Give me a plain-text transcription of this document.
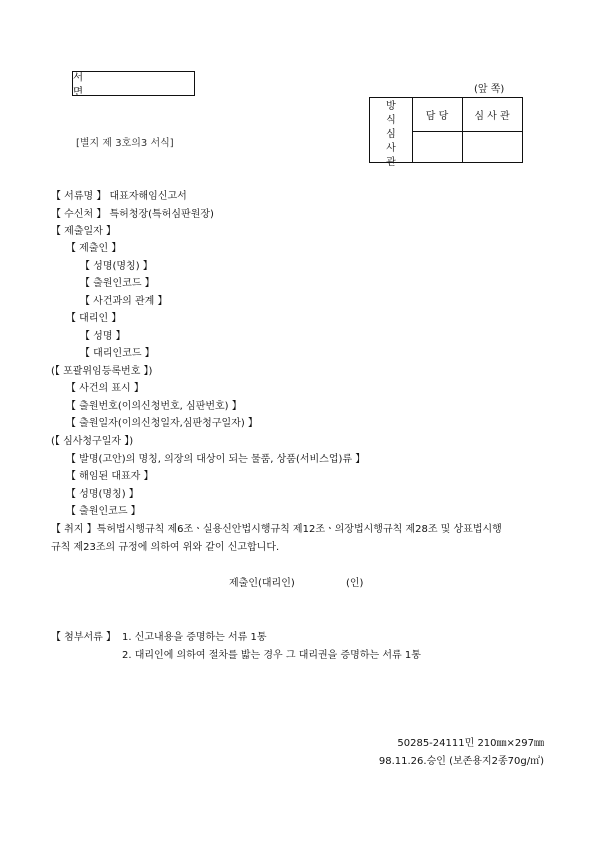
서　　면	(앞 쪽)
방
식
심
사
관
담 당	심 사 관
[별지 제 3호의3 서식]
【 서류명 】 대표자해임신고서
【 수신처 】 특허청장(특허심판원장)
【 제출일자 】
【 제출인 】
【 성명(명칭) 】
【 출원인코드 】
【 사건과의 관계 】
【 대리인 】
【 성명 】
【 대리인코드 】
(【 포괄위임등록번호 】)
【 사건의 표시 】
【 출원번호(이의신청번호, 심판번호) 】
【 출원일자(이의신청일자,심판청구일자) 】
(【 심사청구일자 】)
【 발명(고안)의 명칭, 의장의 대상이 되는 물품, 상품(서비스업)류 】
【 해임된 대표자 】
【 성명(명칭) 】
【 출원인코드 】
【 취지 】특허법시행규칙 제6조ㆍ실용신안법시행규칙 제12조ㆍ의장법시행규칙 제28조 및 상표법시행
규칙 제23조의 규정에 의하여 위와 같이 신고합니다.
제출인(대리인)	(인)
【 첨부서류 】 1. 신고내용을 증명하는 서류 1통
2. 대리인에 의하여 절차를 밟는 경우 그 대리권을 증명하는 서류 1통
50285-24111민 210㎜×297㎜
98.11.26.승인 (보존용지2종70g/㎡)
